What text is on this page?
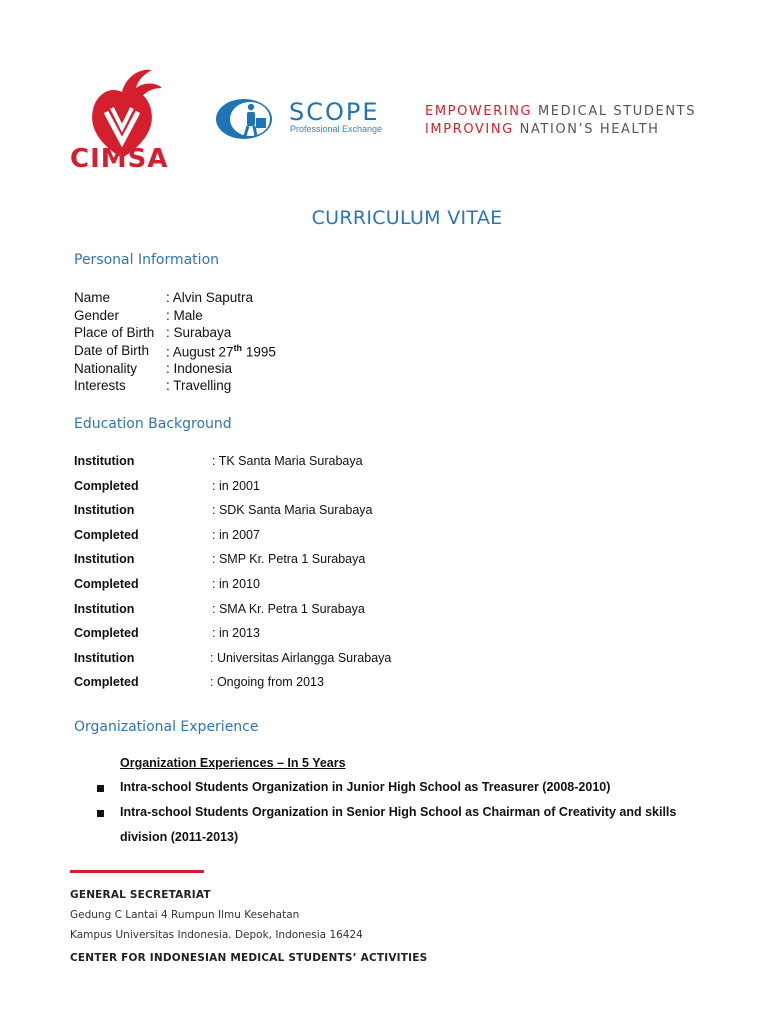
CIMSA
SCOPE
Professional Exchange
EMPOWERING MEDICAL STUDENTS
IMPROVING NATION’S HEALTH
CURRICULUM VITAE
Personal Information
Name	: Alvin Saputra
Gender	: Male
Place of Birth : Surabaya
Date of Birth : August 27th 1995
Nationality : Indonesia
Interests	: Travelling
Education Background
Institution	: TK Santa Maria Surabaya
Completed	: in 2001
Institution	: SDK Santa Maria Surabaya
Completed	: in 2007
Institution	: SMP Kr. Petra 1 Surabaya
Completed	: in 2010
Institution	: SMA Kr. Petra 1 Surabaya
Completed	: in 2013
Institution	: Universitas Airlangga Surabaya
Completed	: Ongoing from 2013
Organizational Experience
Organization Experiences – In 5 Years
Intra-school Students Organization in Junior High School as Treasurer (2008-2010)
Intra-school Students Organization in Senior High School as Chairman of Creativity and skills division (2011-2013)
GENERAL SECRETARIAT
Gedung C Lantai 4 Rumpun Ilmu Kesehatan
Kampus Universitas Indonesia. Depok, Indonesia 16424
CENTER FOR INDONESIAN MEDICAL STUDENTS’ ACTIVITIES
